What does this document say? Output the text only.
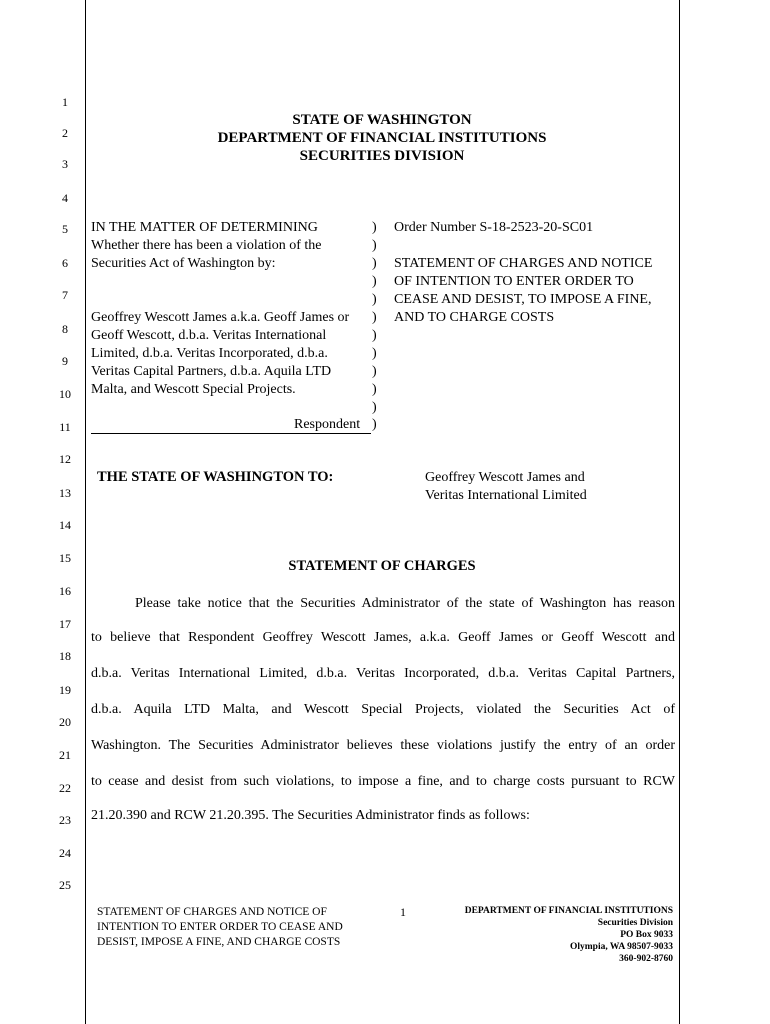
1
2
3
4
5
6
7
8
9
10
11
12
13
14
15
16
17
18
19
20
21
22
23
24
25
STATE OF WASHINGTON
DEPARTMENT OF FINANCIAL INSTITUTIONS
SECURITIES DIVISION
IN THE MATTER OF DETERMINING
Whether there has been a violation of the
Securities Act of Washington by:
Geoffrey Wescott James a.k.a. Geoff James or
Geoff Wescott, d.b.a. Veritas International
Limited, d.b.a. Veritas Incorporated, d.b.a.
Veritas Capital Partners, d.b.a. Aquila LTD
Malta, and Wescott Special Projects.
Respondent
)
)
)
)
)
)
)
)
)
)
)
)
Order Number S-18-2523-20-SC01
STATEMENT OF CHARGES AND NOTICE
OF INTENTION TO ENTER ORDER TO
CEASE AND DESIST, TO IMPOSE A FINE,
AND TO CHARGE COSTS
THE STATE OF WASHINGTON TO:	Geoffrey Wescott James and
Veritas International Limited
STATEMENT OF CHARGES
Please take notice that the Securities Administrator of the state of Washington has reason
to believe that Respondent Geoffrey Wescott James, a.k.a. Geoff James or Geoff Wescott and
d.b.a. Veritas International Limited, d.b.a. Veritas Incorporated, d.b.a. Veritas Capital Partners,
d.b.a. Aquila LTD Malta, and Wescott Special Projects, violated the Securities Act of
Washington. The Securities Administrator believes these violations justify the entry of an order
to cease and desist from such violations, to impose a fine, and to charge costs pursuant to RCW
21.20.390 and RCW 21.20.395. The Securities Administrator finds as follows:
STATEMENT OF CHARGES AND NOTICE OF
INTENTION TO ENTER ORDER TO CEASE AND
DESIST, IMPOSE A FINE, AND CHARGE COSTS
1	DEPARTMENT OF FINANCIAL INSTITUTIONS
Securities Division
PO Box 9033
Olympia, WA 98507-9033
360-902-8760
